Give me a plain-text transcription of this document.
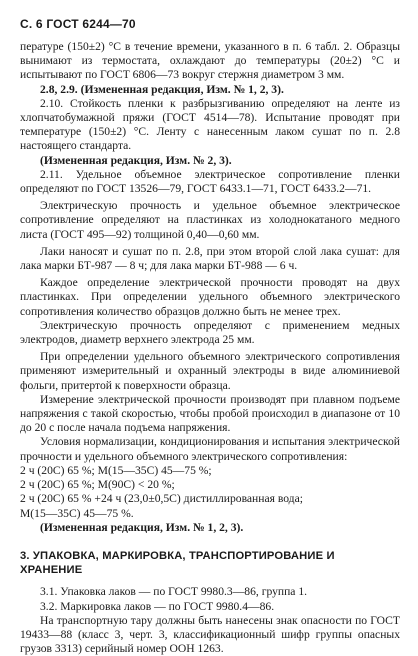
С. 6 ГОСТ 6244—70

пературе (150±2) °С в течение времени, указанного в п. 6 табл. 2. Образцы вынимают из термостата, охлаждают до температуры (20±2) °С и испытывают по ГОСТ 6806—73 вокруг стержня диаметром 3 мм.

2.8, 2.9. (Измененная редакция, Изм. № 1, 2, 3).

2.10. Стойкость пленки к разбрызгиванию определяют на ленте из хлопчатобумажной пряжи (ГОСТ 4514—78). Испытание проводят при температуре (150±2) °С. Ленту с нанесенным лаком сушат по п. 2.8 настоящего стандарта.

(Измененная редакция, Изм. № 2, 3).

2.11. Удельное объемное электрическое сопротивление пленки определяют по ГОСТ 13526—79, ГОСТ 6433.1—71, ГОСТ 6433.2—71.

Электрическую прочность и удельное объемное электрическое сопротивление определяют на пластинках из холоднокатаного медного листа (ГОСТ 495—92) толщиной 0,40—0,60 мм.

Лаки наносят и сушат по п. 2.8, при этом второй слой лака сушат: для лака марки БТ-987 — 8 ч; для лака марки БТ-988 — 6 ч.

Каждое определение электрической прочности проводят на двух пластинках. При определении удельного объемного электрического сопротивления количество образцов должно быть не менее трех.

Электрическую прочность определяют с применением медных электродов, диаметр верхнего электрода 25 мм.

При определении удельного объемного электрического сопротивления применяют измерительный и охранный электроды в виде алюминиевой фольги, притертой к поверхности образца.

Измерение электрической прочности производят при плавном подъеме напряжения с такой скоростью, чтобы пробой происходил в диапазоне от 10 до 20 с после начала подъема напряжения.

Условия нормализации, кондиционирования и испытания электрической прочности и удельного объемного электрического сопротивления:

2 ч (20С) 65 %; М(15—35С) 45—75 %;

2 ч (20С) 65 %; М(90С) < 20 %;

2 ч (20С) 65 % +24 ч (23,0±0,5С) дистиллированная вода;

М(15—35С) 45—75 %.

(Измененная редакция, Изм. № 1, 2, 3).

3. УПАКОВКА, МАРКИРОВКА, ТРАНСПОРТИРОВАНИЕ И ХРАНЕНИЕ

3.1. Упаковка лаков — по ГОСТ 9980.3—86, группа 1.

3.2. Маркировка лаков — по ГОСТ 9980.4—86.

На транспортную тару должны быть нанесены знак опасности по ГОСТ 19433—88 (класс 3, черт. 3, классификационный шифр группы опасных грузов 3313) серийный номер ООН 1263.
